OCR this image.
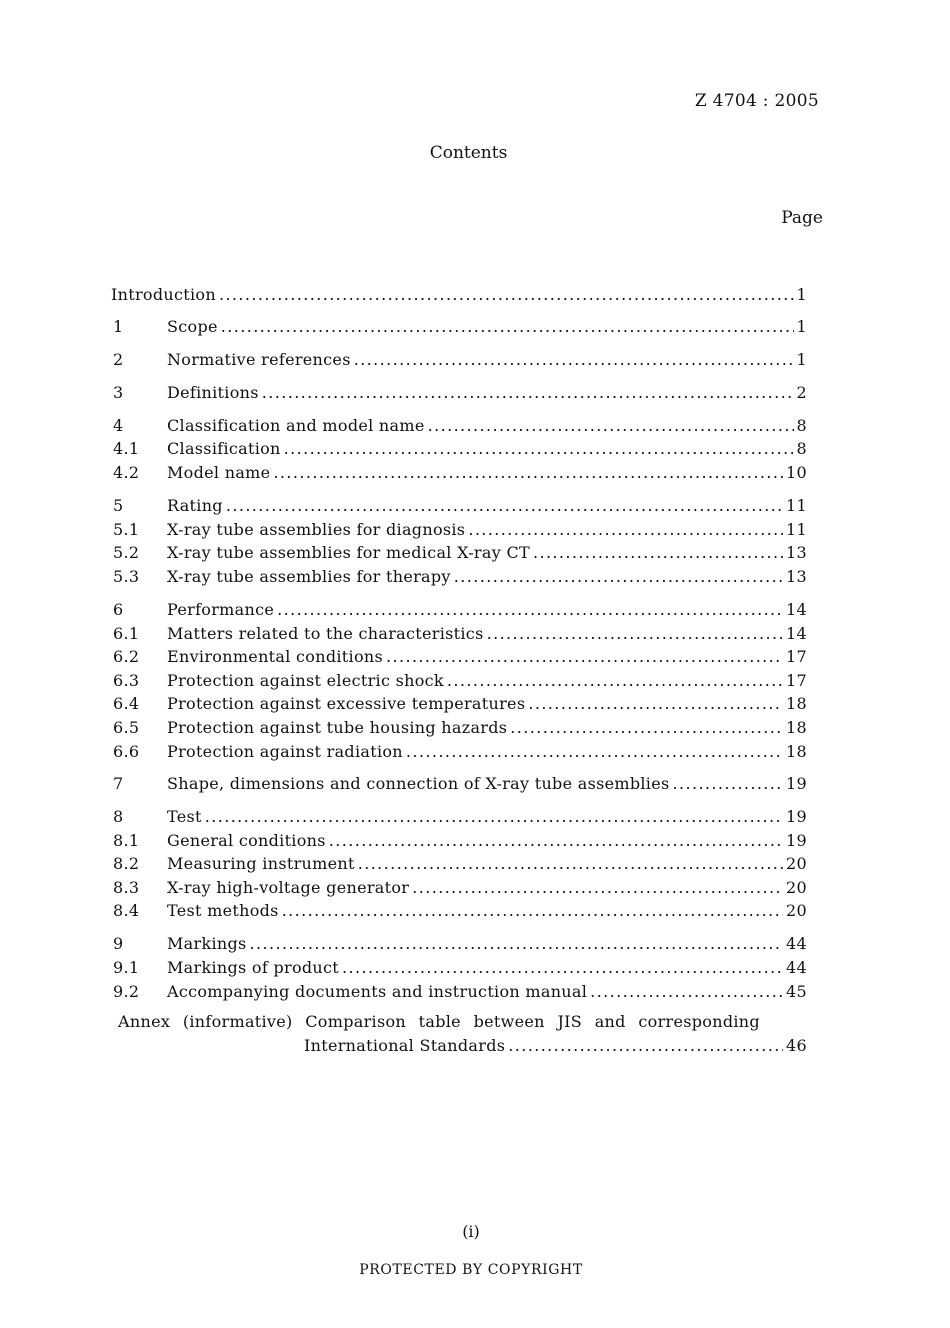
Z 4704 : 2005
Contents
Page
Introduction .....	1
1	Scope .....	1
2	Normative references .....	1
3	Definitions .....	2
4	Classification and model name .....	8
4.1	Classification .....	8
4.2	Model name .....	10
5	Rating .....	11
5.1	X-ray tube assemblies for diagnosis .....	11
5.2	X-ray tube assemblies for medical X-ray CT .....	13
5.3	X-ray tube assemblies for therapy .....	13
6	Performance .....	14
6.1	Matters related to the characteristics .....	14
6.2	Environmental conditions .....	17
6.3	Protection against electric shock .....	17
6.4	Protection against excessive temperatures .....	18
6.5	Protection against tube housing hazards .....	18
6.6	Protection against radiation .....	18
7	Shape, dimensions and connection of X-ray tube assemblies .....	19
8	Test .....	19
8.1	General conditions .....	19
8.2	Measuring instrument .....	20
8.3	X-ray high-voltage generator .....	20
8.4	Test methods .....	20
9	Markings .....	44
9.1	Markings of product .....	44
9.2	Accompanying documents and instruction manual .....	45
Annex (informative) Comparison table between JIS and corresponding
International Standards .....	46
(i)
PROTECTED BY COPYRIGHT
